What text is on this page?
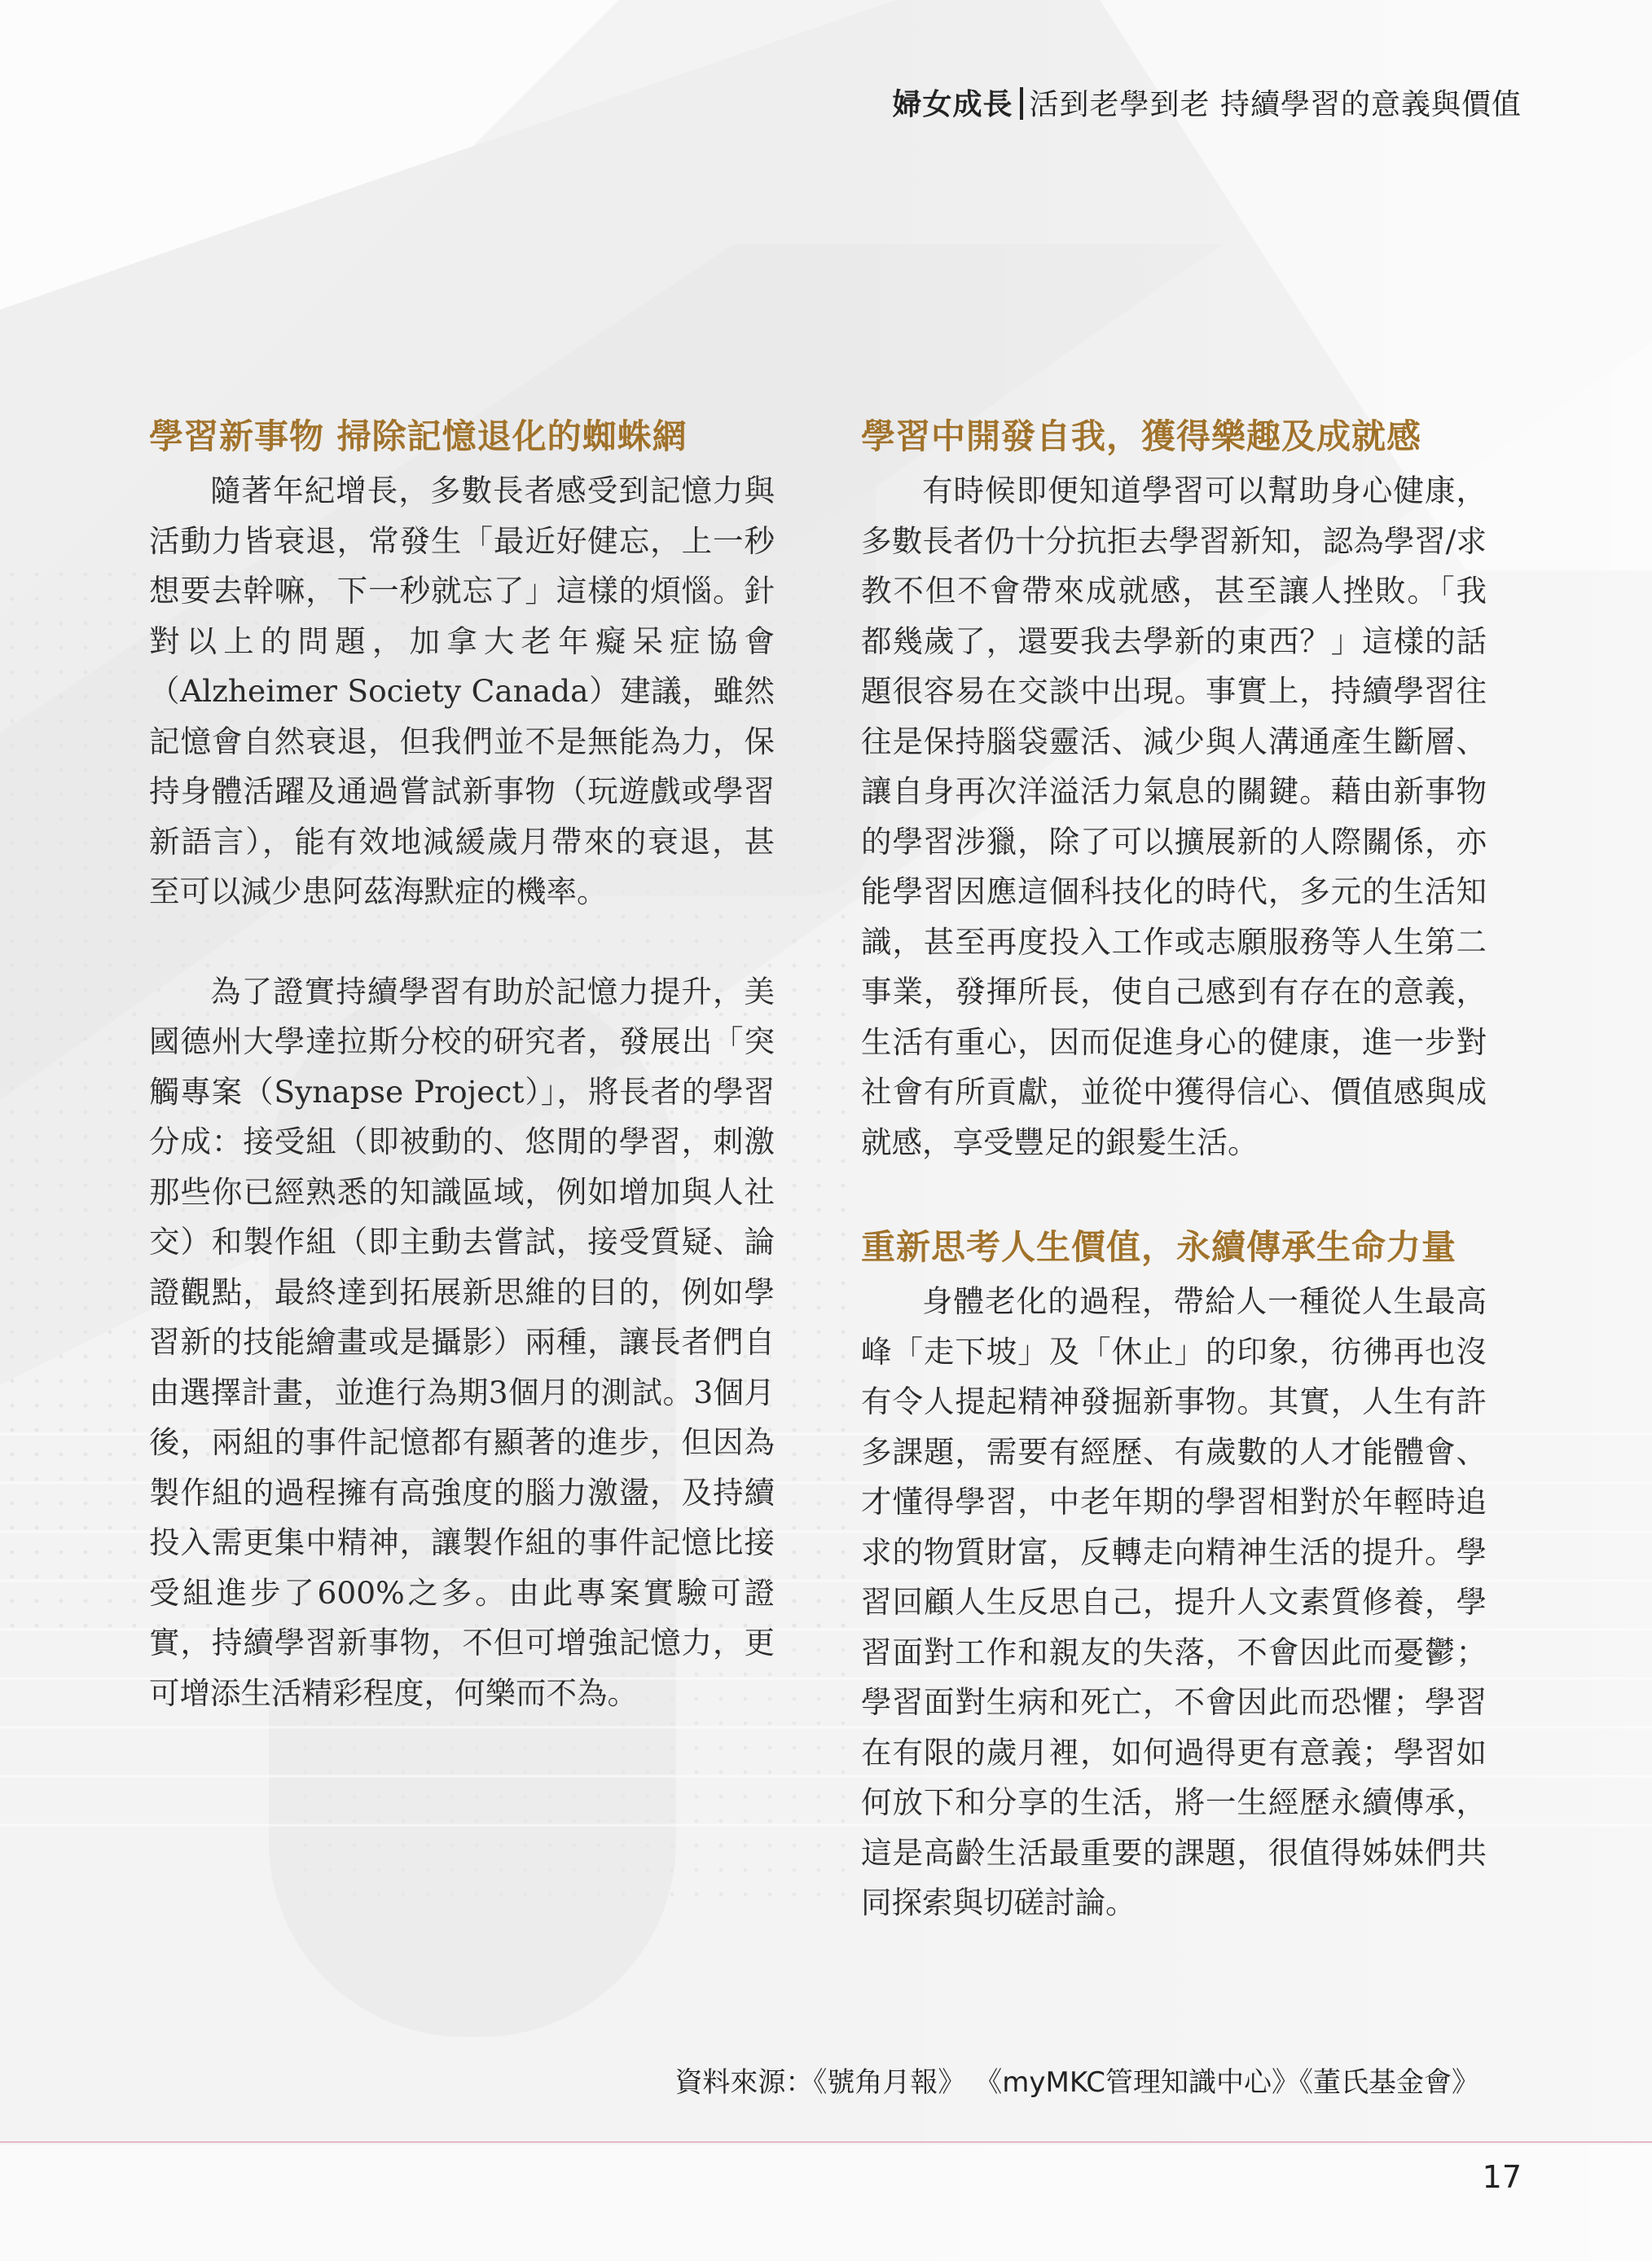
婦女成長 活到老學到老 持續學習的意義與價值
學習新事物 掃除記憶退化的蜘蛛網

隨著年紀增長，多數長者感受到記憶力與活動力皆衰退，常發生「最近好健忘，上一秒想要去幹嘛，下一秒就忘了」這樣的煩惱。針對以上的問題，加拿大老年癡呆症協會（Alzheimer Society Canada）建議，雖然記憶會自然衰退，但我們並不是無能為力，保持身體活躍及通過嘗試新事物（玩遊戲或學習新語言），能有效地減緩歲月帶來的衰退，甚至可以減少患阿茲海默症的機率。

為了證實持續學習有助於記憶力提升，美國德州大學達拉斯分校的研究者，發展出「突觸專案（Synapse Project）」，將長者的學習分成：接受組（即被動的、悠閒的學習，刺激那些你已經熟悉的知識區域，例如增加與人社交）和製作組（即主動去嘗試，接受質疑、論證觀點，最終達到拓展新思維的目的，例如學習新的技能繪畫或是攝影）兩種，讓長者們自由選擇計畫，並進行為期3個月的測試。3個月後，兩組的事件記憶都有顯著的進步，但因為製作組的過程擁有高強度的腦力激盪，及持續投入需更集中精神，讓製作組的事件記憶比接受組進步了600%之多。由此專案實驗可證實，持續學習新事物，不但可增強記憶力，更可增添生活精彩程度，何樂而不為。

學習中開發自我，獲得樂趣及成就感

有時候即便知道學習可以幫助身心健康，多數長者仍十分抗拒去學習新知，認為學習/求教不但不會帶來成就感，甚至讓人挫敗。「我都幾歲了，還要我去學新的東西？」這樣的話題很容易在交談中出現。事實上，持續學習往往是保持腦袋靈活、減少與人溝通產生斷層、讓自身再次洋溢活力氣息的關鍵。藉由新事物的學習涉獵，除了可以擴展新的人際關係，亦能學習因應這個科技化的時代，多元的生活知識，甚至再度投入工作或志願服務等人生第二事業，發揮所長，使自己感到有存在的意義，生活有重心，因而促進身心的健康，進一步對社會有所貢獻，並從中獲得信心、價值感與成就感，享受豐足的銀髮生活。

重新思考人生價值，永續傳承生命力量

身體老化的過程，帶給人一種從人生最高峰「走下坡」及「休止」的印象，彷彿再也沒有令人提起精神發掘新事物。其實，人生有許多課題，需要有經歷、有歲數的人才能體會、才懂得學習，中老年期的學習相對於年輕時追求的物質財富，反轉走向精神生活的提升。學習回顧人生反思自己，提升人文素質修養，學習面對工作和親友的失落，不會因此而憂鬱；學習面對生病和死亡，不會因此而恐懼；學習在有限的歲月裡，如何過得更有意義；學習如何放下和分享的生活，將一生經歷永續傳承，這是高齡生活最重要的課題，很值得姊妹們共同探索與切磋討論。

資料來源：《號角月報》 《myMKC管理知識中心》《董氏基金會》
17
